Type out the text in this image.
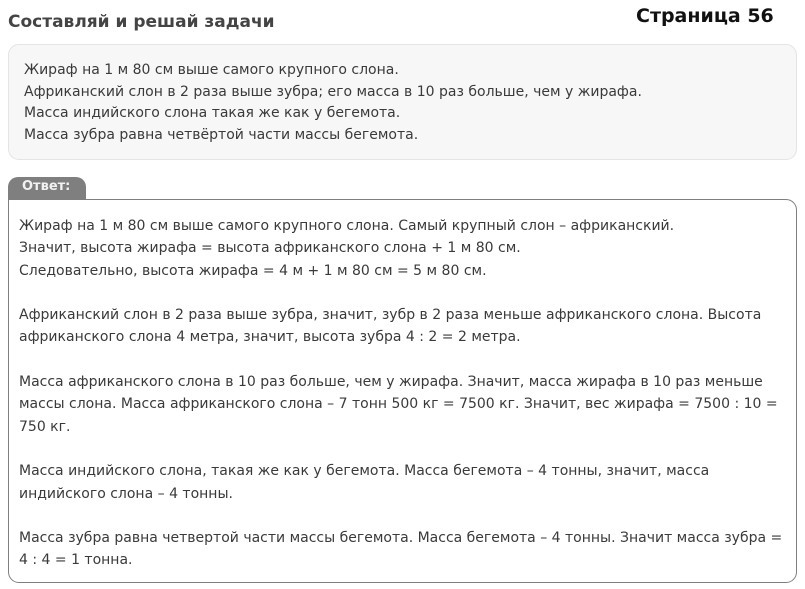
Составляй и решай задачи	Страница 56
Жираф на 1 м 80 см выше самого крупного слона.
Африканский слон в 2 раза выше зубра; его масса в 10 раз больше, чем у жирафа.
Масса индийского слона такая же как у бегемота.
Масса зубра равна четвёртой части массы бегемота.
Ответ:

Жираф на 1 м 80 см выше самого крупного слона. Самый крупный слон – африканский.
Значит, высота жирафа = высота африканского слона + 1 м 80 см.
Следовательно, высота жирафа = 4 м + 1 м 80 см = 5 м 80 см.

Африканский слон в 2 раза выше зубра, значит, зубр в 2 раза меньше африканского слона. Высота
африканского слона 4 метра, значит, высота зубра 4 : 2 = 2 метра.

Масса африканского слона в 10 раз больше, чем у жирафа. Значит, масса жирафа в 10 раз меньше
массы слона. Масса африканского слона – 7 тонн 500 кг = 7500 кг. Значит, вес жирафа = 7500 : 10 =
750 кг.

Масса индийского слона, такая же как у бегемота. Масса бегемота – 4 тонны, значит, масса
индийского слона – 4 тонны.

Масса зубра равна четвертой части массы бегемота. Масса бегемота – 4 тонны. Значит масса зубра =
4 : 4 = 1 тонна.
